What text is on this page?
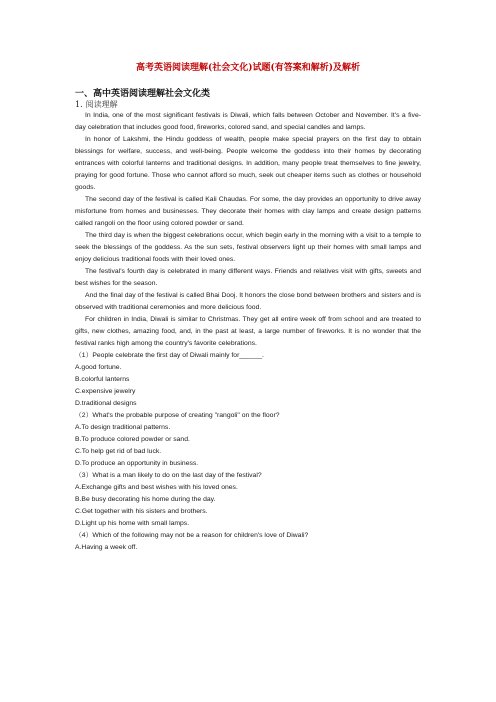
高考英语阅读理解(社会文化)试题(有答案和解析)及解析
一、高中英语阅读理解社会文化类
1. 阅读理解

In India, one of the most significant festivals is Diwali, which falls between October and November. It's a five-day celebration that includes good food, fireworks, colored sand, and special candles and lamps.

In honor of Lakshmi, the Hindu goddess of wealth, people make special prayers on the first day to obtain blessings for welfare, success, and well-being. People welcome the goddess into their homes by decorating entrances with colorful lanterns and traditional designs. In addition, many people treat themselves to fine jewelry, praying for good fortune. Those who cannot afford so much, seek out cheaper items such as clothes or household goods.

The second day of the festival is called Kali Chaudas. For some, the day provides an opportunity to drive away misfortune from homes and businesses. They decorate their homes with clay lamps and create design patterns called rangoli on the floor using colored powder or sand.

The third day is when the biggest celebrations occur, which begin early in the morning with a visit to a temple to seek the blessings of the goddess. As the sun sets, festival observers light up their homes with small lamps and enjoy delicious traditional foods with their loved ones.

The festival's fourth day is celebrated in many different ways. Friends and relatives visit with gifts, sweets and best wishes for the season.

And the final day of the festival is called Bhai Dooj. It honors the close bond between brothers and sisters and is observed with traditional ceremonies and more delicious food.

For children in India, Diwali is similar to Christmas. They get all entire week off from school and are treated to gifts, new clothes, amazing food, and, in the past at least, a large number of fireworks. It is no wonder that the festival ranks high among the country's favorite celebrations.

（1）People celebrate the first day of Diwali mainly for______.

A.good fortune.

B.colorful lanterns

C.expensive jewelry

D.traditional designs

（2）What's the probable purpose of creating "rangoli" on the floor?

A.To design traditional patterns.

B.To produce colored powder or sand.

C.To help get rid of bad luck.

D.To produce an opportunity in business.

（3）What is a man likely to do on the last day of the festival?

A.Exchange gifts and best wishes with his loved ones.

B.Be busy decorating his home during the day.

C.Get together with his sisters and brothers.

D.Light up his home with small lamps.

（4）Which of the following may not be a reason for children's love of Diwali?

A.Having a week off.
